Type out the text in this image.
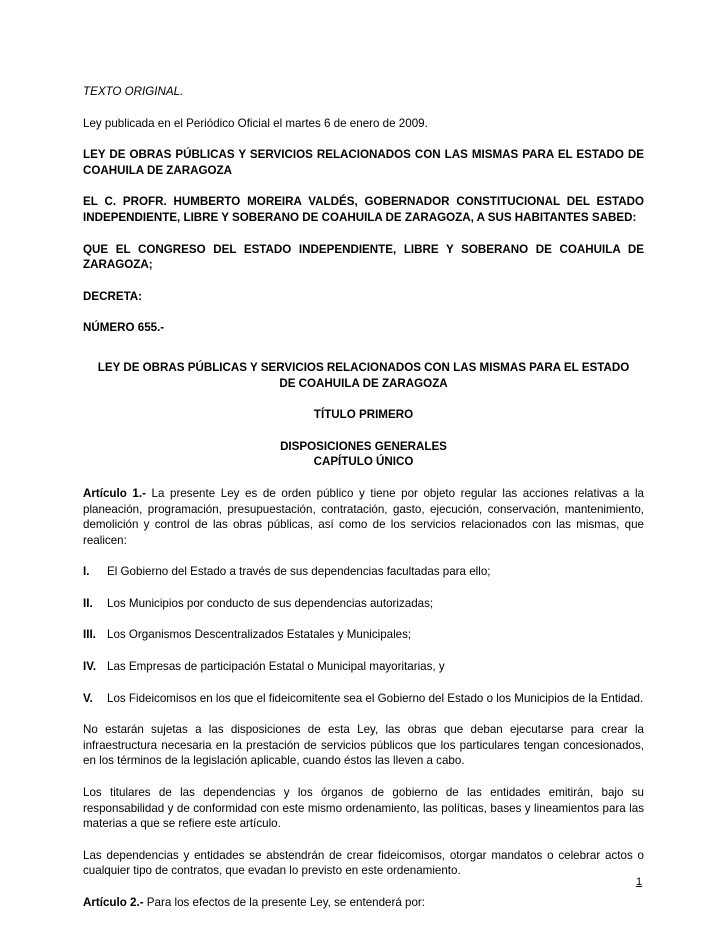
TEXTO ORIGINAL.

Ley publicada en el Periódico Oficial el martes 6 de enero de 2009.

LEY DE OBRAS PÚBLICAS Y SERVICIOS RELACIONADOS CON LAS MISMAS PARA EL ESTADO DE COAHUILA DE ZARAGOZA

EL C. PROFR. HUMBERTO MOREIRA VALDÉS, GOBERNADOR CONSTITUCIONAL DEL ESTADO INDEPENDIENTE, LIBRE Y SOBERANO DE COAHUILA DE ZARAGOZA, A SUS HABITANTES SABED:

QUE EL CONGRESO DEL ESTADO INDEPENDIENTE, LIBRE Y SOBERANO DE COAHUILA DE ZARAGOZA;

DECRETA:

NÚMERO 655.-

LEY DE OBRAS PÚBLICAS Y SERVICIOS RELACIONADOS CON LAS MISMAS PARA EL ESTADO DE COAHUILA DE ZARAGOZA

TÍTULO PRIMERO

DISPOSICIONES GENERALES

CAPÍTULO ÚNICO

Artículo 1.- La presente Ley es de orden público y tiene por objeto regular las acciones relativas a la planeación, programación, presupuestación, contratación, gasto, ejecución, conservación, mantenimiento, demolición y control de las obras públicas, así como de los servicios relacionados con las mismas, que realicen:

I.	El Gobierno del Estado a través de sus dependencias facultadas para ello;
II.	Los Municipios por conducto de sus dependencias autorizadas;
III. Los Organismos Descentralizados Estatales y Municipales;
IV. Las Empresas de participación Estatal o Municipal mayoritarias, y
V.	Los Fideicomisos en los que el fideicomitente sea el Gobierno del Estado o los Municipios de la Entidad.

No estarán sujetas a las disposiciones de esta Ley, las obras que deban ejecutarse para crear la infraestructura necesaria en la prestación de servicios públicos que los particulares tengan concesionados, en los términos de la legislación aplicable, cuando éstos las lleven a cabo.

Los titulares de las dependencias y los órganos de gobierno de las entidades emitirán, bajo su responsabilidad y de conformidad con este mismo ordenamiento, las políticas, bases y lineamientos para las materias a que se refiere este artículo.

Las dependencias y entidades se abstendrán de crear fideicomisos, otorgar mandatos o celebrar actos o cualquier tipo de contratos, que evadan lo previsto en este ordenamiento.

Artículo 2.- Para los efectos de la presente Ley, se entenderá por:

1
